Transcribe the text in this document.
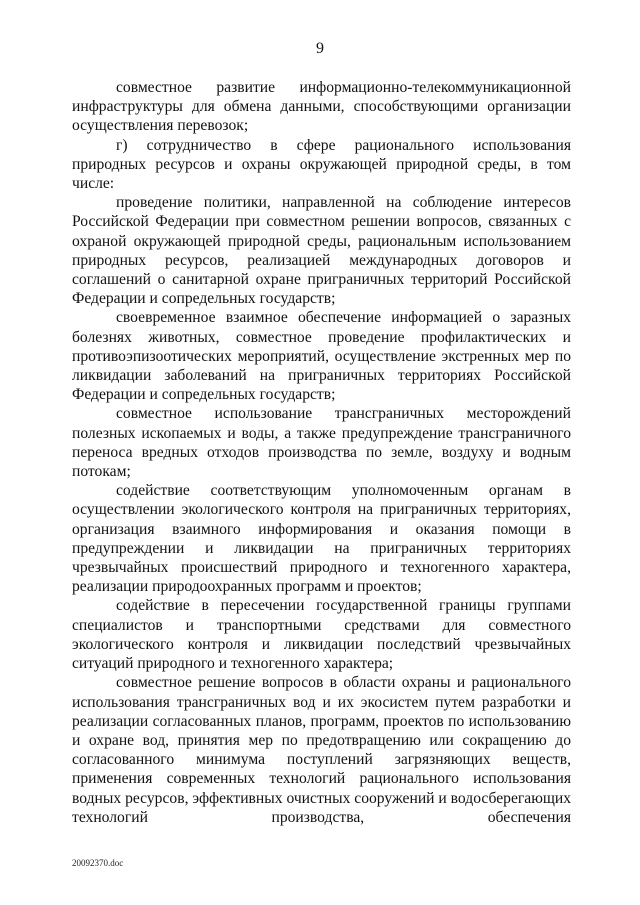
9

совместное развитие информационно-телекоммуникационной инфраструктуры для обмена данными, способствующими организации осуществления перевозок;

г) сотрудничество в сфере рационального использования природных ресурсов и охраны окружающей природной среды, в том числе:

проведение политики, направленной на соблюдение интересов Российской Федерации при совместном решении вопросов, связанных с охраной окружающей природной среды, рациональным использованием природных ресурсов, реализацией международных договоров и соглашений о санитарной охране приграничных территорий Российской Федерации и сопредельных государств;

своевременное взаимное обеспечение информацией о заразных болезнях животных, совместное проведение профилактических и противоэпизоотических мероприятий, осуществление экстренных мер по ликвидации заболеваний на приграничных территориях Российской Федерации и сопредельных государств;

совместное использование трансграничных месторождений полезных ископаемых и воды, а также предупреждение трансграничного переноса вредных отходов производства по земле, воздуху и водным потокам;

содействие соответствующим уполномоченным органам в осуществлении экологического контроля на приграничных территориях, организация взаимного информирования и оказания помощи в предупреждении и ликвидации на приграничных территориях чрезвычайных происшествий природного и техногенного характера, реализации природоохранных программ и проектов;

содействие в пересечении государственной границы группами специалистов и транспортными средствами для совместного экологического контроля и ликвидации последствий чрезвычайных ситуаций природного и техногенного характера;

совместное решение вопросов в области охраны и рационального использования трансграничных вод и их экосистем путем разработки и реализации согласованных планов, программ, проектов по использованию и охране вод, принятия мер по предотвращению или сокращению до согласованного минимума поступлений загрязняющих веществ, применения современных технологий рационального использования водных ресурсов, эффективных очистных сооружений и водосберегающих технологий производства, обеспечения

20092370.doc
